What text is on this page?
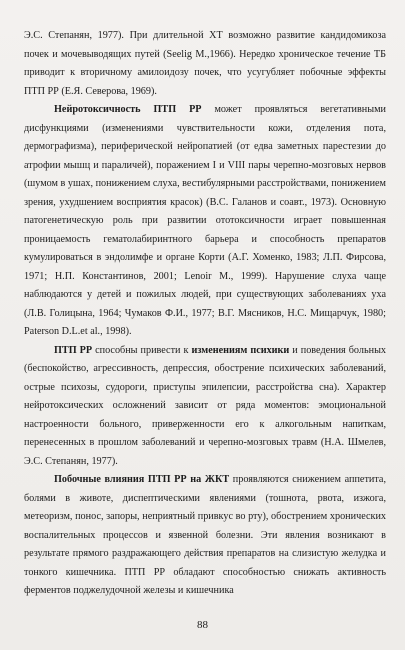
Э.С. Степанян, 1977). При длительной ХТ возможно развитие кандидомикоза почек и мочевыводящих путей (Seelig М.,1966). Нередко хроническое течение ТБ приводит к вторичному амилоидозу почек, что усугубляет побочные эффекты ПТП РР (Е.Я. Северова, 1969).

Нейротоксичность ПТП РР может проявляться вегетативными дисфункциями (изменениями чувствительности кожи, отделения пота, дермографизма), периферической нейропатией (от едва заметных парестезии до атрофии мышц и параличей), поражением I и VIII пары черепно-мозговых нервов (шумом в ушах, понижением слуха, вестибулярными расстройствами, понижением зрения, ухудшением восприятия красок) (В.С. Галанов и соавт., 1973). Основную патогенетическую роль при развитии ототоксичности играет повышенная проницаемость гематолабиринтного барьера и способность препаратов кумулироваться в эндолимфе и органе Корти (А.Г. Хоменко, 1983; Л.П. Фирсова, 1971; Н.П. Константинов, 2001; Lenoir М., 1999). Нарушение слуха чаще наблюдаются у детей и пожилых людей, при существующих заболеваниях уха (Л.В. Голицына, 1964; Чумаков Ф.И., 1977; В.Г. Мясников, Н.С. Мищарчук, 1980; Paterson D.L.et al., 1998).

ПТП РР способны привести к изменениям психики и поведения больных (беспокойство, агрессивность, депрессия, обострение психических заболеваний, острые психозы, судороги, приступы эпилепсии, расстройства сна). Характер нейротоксических осложнений зависит от ряда моментов: эмоциональной настроенности больного, приверженности его к алкогольным напиткам, перенесенных в прошлом заболеваний и черепно-мозговых травм (Н.А. Шмелев, Э.С. Степанян, 1977).

Побочные влияния ПТП РР на ЖКТ проявляются снижением аппетита, болями в животе, диспептическими явлениями (тошнота, рвота, изжога, метеоризм, понос, запоры, неприятный привкус во рту), обострением хронических воспалительных процессов и язвенной болезни. Эти явления возникают в результате прямого раздражающего действия препаратов на слизистую желудка и тонкого кишечника. ПТП РР обладают способностью снижать активность ферментов поджелудочной железы и кишечника

88
